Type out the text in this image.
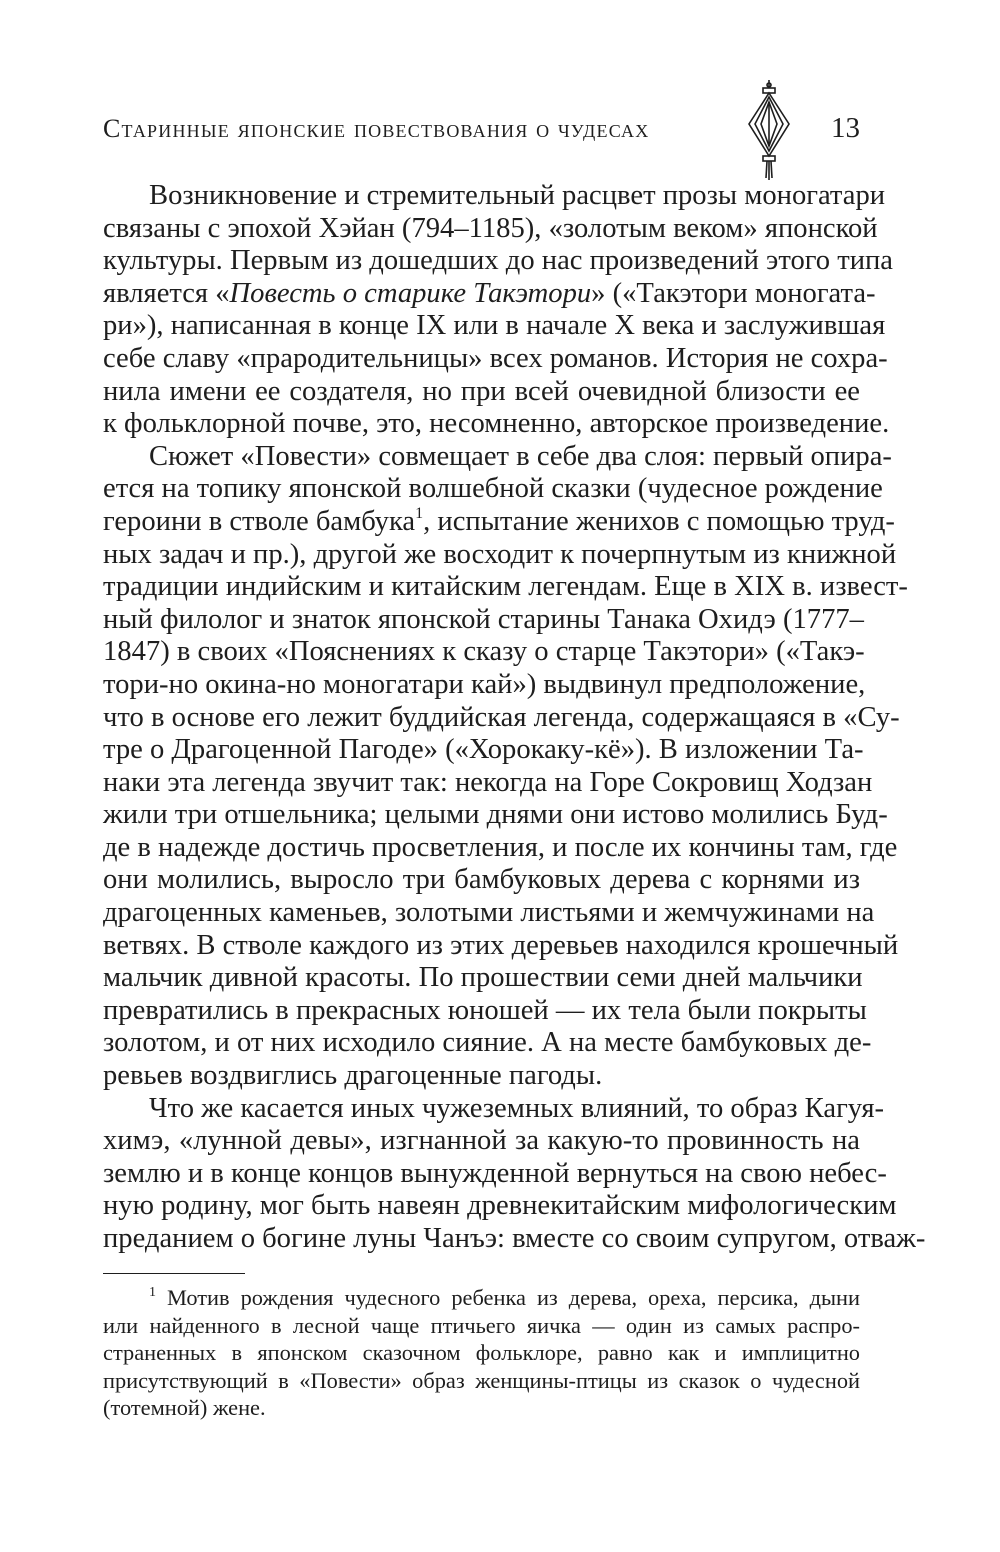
Старинные японские повествования о чудесах	13

Возникновение и стремительный расцвет прозы моногатари
связаны с эпохой Хэйан (794–1185), «золотым веком» японской
культуры. Первым из дошедших до нас произведений этого типа
является «Повесть о старике Такэтори» («Такэтори моногата-
ри»), написанная в конце IX или в начале X века и заслужившая
себе славу «прародительницы» всех романов. История не сохра-
нила имени ее создателя, но при всей очевидной близости ее
к фольклорной почве, это, несомненно, авторское произведение.

Сюжет «Повести» совмещает в себе два слоя: первый опира-
ется на топику японской волшебной сказки (чудесное рождение
героини в стволе бамбука$^1$, испытание женихов с помощью труд-
ных задач и пр.), другой же восходит к почерпнутым из книжной
традиции индийским и китайским легендам. Еще в XIX в. извест-
ный филолог и знаток японской старины Танака Охидэ (1777–
1847) в своих «Пояснениях к сказу о старце Такэтори» («Такэ-
тори-но окина-но моногатари кай») выдвинул предположение,
что в основе его лежит буддийская легенда, содержащаяся в «Су-
тре о Драгоценной Пагоде» («Хорокаку-кё»). В изложении Та-
наки эта легенда звучит так: некогда на Горе Сокровищ Ходзан
жили три отшельника; целыми днями они истово молились Буд-
де в надежде достичь просветления, и после их кончины там, где
они молились, выросло три бамбуковых дерева с корнями из
драгоценных каменьев, золотыми листьями и жемчужинами на
ветвях. В стволе каждого из этих деревьев находился крошечный
мальчик дивной красоты. По прошествии семи дней мальчики
превратились в прекрасных юношей — их тела были покрыты
золотом, и от них исходило сияние. А на месте бамбуковых де-
ревьев воздвиглись драгоценные пагоды.

Что же касается иных чужеземных влияний, то образ Кагуя-
химэ, «лунной девы», изгнанной за какую-то провинность на
землю и в конце концов вынужденной вернуться на свою небес-
ную родину, мог быть навеян древнекитайским мифологическим
преданием о богине луны Чанъэ: вместе со своим супругом, отваж-

$^1$ Мотив рождения чудесного ребенка из дерева, ореха, персика, дыни
или найденного в лесной чаще птичьего яичка — один из самых распро-
страненных в японском сказочном фольклоре, равно как и имплицитно
присутствующий в «Повести» образ женщины-птицы из сказок о чудесной
(тотемной) жене.
